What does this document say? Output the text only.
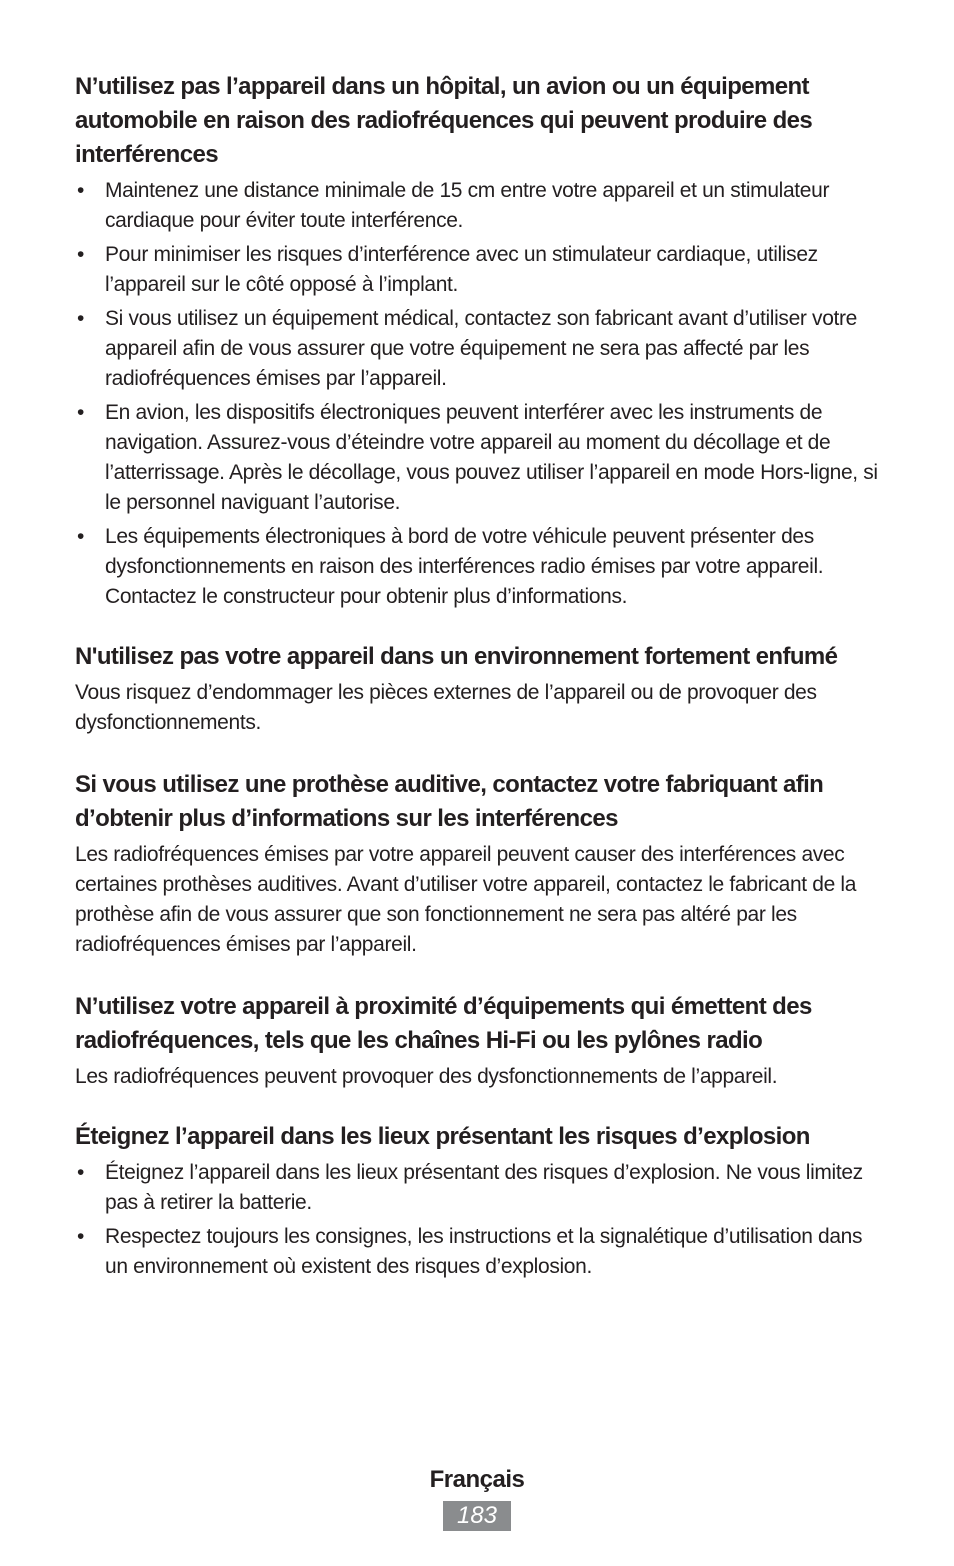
N’utilisez pas l’appareil dans un hôpital, un avion ou un équipement automobile en raison des radiofréquences qui peuvent produire des interférences
• Maintenez une distance minimale de 15 cm entre votre appareil et un stimulateur cardiaque pour éviter toute interférence.
• Pour minimiser les risques d’interférence avec un stimulateur cardiaque, utilisez l’appareil sur le côté opposé à l’implant.
• Si vous utilisez un équipement médical, contactez son fabricant avant d’utiliser votre appareil afin de vous assurer que votre équipement ne sera pas affecté par les radiofréquences émises par l’appareil.
• En avion, les dispositifs électroniques peuvent interférer avec les instruments de navigation. Assurez-vous d’éteindre votre appareil au moment du décollage et de l’atterrissage. Après le décollage, vous pouvez utiliser l’appareil en mode Hors-ligne, si le personnel naviguant l’autorise.
• Les équipements électroniques à bord de votre véhicule peuvent présenter des dysfonctionnements en raison des interférences radio émises par votre appareil. Contactez le constructeur pour obtenir plus d’informations.
N'utilisez pas votre appareil dans un environnement fortement enfumé

Vous risquez d’endommager les pièces externes de l’appareil ou de provoquer des dysfonctionnements.

Si vous utilisez une prothèse auditive, contactez votre fabriquant afin d’obtenir plus d’informations sur les interférences

Les radiofréquences émises par votre appareil peuvent causer des interférences avec certaines prothèses auditives. Avant d’utiliser votre appareil, contactez le fabricant de la prothèse afin de vous assurer que son fonctionnement ne sera pas altéré par les radiofréquences émises par l’appareil.

N’utilisez votre appareil à proximité d’équipements qui émettent des radiofréquences, tels que les chaînes Hi-Fi ou les pylônes radio

Les radiofréquences peuvent provoquer des dysfonctionnements de l’appareil.

Éteignez l’appareil dans les lieux présentant les risques d’explosion
• Éteignez l’appareil dans les lieux présentant des risques d’explosion. Ne vous limitez pas à retirer la batterie.
• Respectez toujours les consignes, les instructions et la signalétique d’utilisation dans un environnement où existent des risques d’explosion.
Français
183
